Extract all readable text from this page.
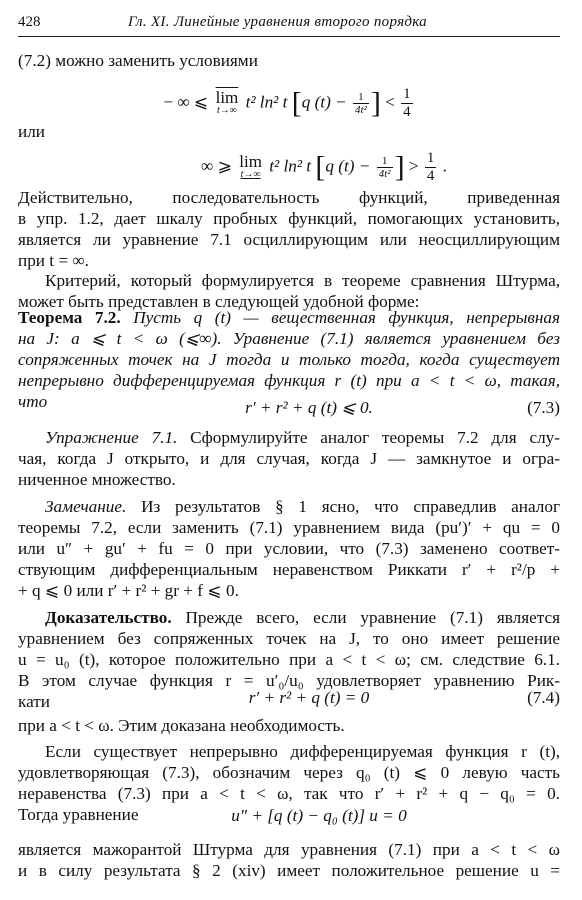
428	Гл. XI. Линейные уравнения второго порядка
(7.2) можно заменить условиями
− ∞ ⩽ $\overline{lim}$
t→∞ t² ln² t [q $(t) - \frac{1}{\text{4t²}}$ ] < $\frac{1}{4}$
или
∞ ⩾ lim
t→∞ t² ln² t [q $(t) - \frac{1}{\text{4t²}}$ ] > $\frac{1}{4}$ .
Действительно, последовательность функций, приведенная
в упр. 1.2, дает шкалу пробных функций, помогающих установить,
является ли уравнение 7.1 осциллирующим или неосциллирующим
при t = ∞.
Критерий, который формулируется в теореме сравнения Штурма,
может быть представлен в следующей удобной форме:
Теорема 7.2. Пусть q (t) — вещественная функция, непрерывная
на J: a ⩽ t < ω (⩽∞). Уравнение (7.1) является уравнением без
сопряженных точек на J тогда и только тогда, когда существует
непрерывно дифференцируемая функция r (t) при a < t < ω, такая,
что	r′ + r² + q (t) ⩽ 0.	(7.3)
Упражнение 7.1. Сформулируйте аналог теоремы 7.2 для слу-
чая, когда J открыто, и для случая, когда J — замкнутое и огра-
ниченное множество.
Замечание. Из результатов § 1 ясно, что справедлив аналог
теоремы 7.2, если заменить (7.1) уравнением вида (pu′)′ + qu = 0
или u″ + gu′ + fu = 0 при условии, что (7.3) заменено соответ-
ствующим дифференциальным неравенством Риккати r′ + r²/p +
+ q ⩽ 0 или r′ + r² + gr + f ⩽ 0.
Доказательство. Прежде всего, если уравнение (7.1) является
уравнением без сопряженных точек на J, то оно имеет решение
u = u₀ (t), которое положительно при a < t < ω; см. следствие 6.1.
В этом случае функция r = u′₀/u₀ удовлетворяет уравнению Рик-
кати	r′ + r² + q (t) = 0	(7.4)
при a < t < ω. Этим доказана необходимость.
Если существует непрерывно дифференцируемая функция r (t),
удовлетворяющая (7.3), обозначим через q₀ (t) ⩽ 0 левую часть
неравенства (7.3) при a < t < ω, так что r′ + r² + q − q₀ = 0.
Тогда уравнение	u″ + [q (t) − q₀ (t)] u = 0
является мажорантой Штурма для уравнения (7.1) при a < t < ω
и в силу результата § 2 (xiv) имеет положительное решение u =
